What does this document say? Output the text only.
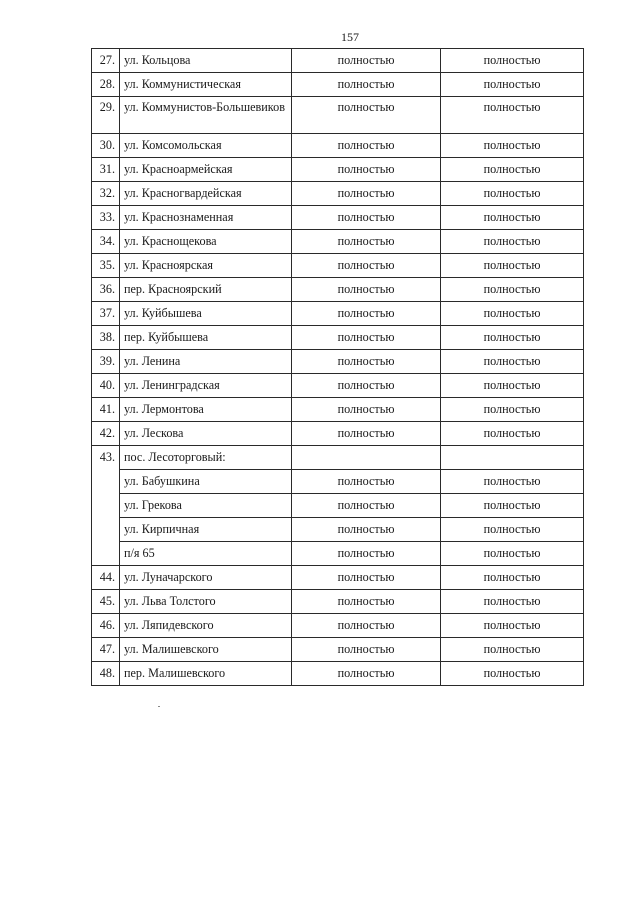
157
27.	ул. Кольцова	полностью	полностью
28.	ул. Коммунистическая	полностью	полностью
29.	ул. Коммунистов-Большевиков	полностью	полностью
30.	ул. Комсомольская	полностью	полностью
31.	ул. Красноармейская	полностью	полностью
32.	ул. Красногвардейская	полностью	полностью
33.	ул. Краснознаменная	полностью	полностью
34.	ул. Краснощекова	полностью	полностью
35.	ул. Красноярская	полностью	полностью
36.	пер. Красноярский	полностью	полностью
37.	ул. Куйбышева	полностью	полностью
38.	пер. Куйбышева	полностью	полностью
39.	ул. Ленина	полностью	полностью
40.	ул. Ленинградская	полностью	полностью
41.	ул. Лермонтова	полностью	полностью
42.	ул. Лескова	полностью	полностью
43.	пос. Лесоторговый:		
	ул. Бабушкина	полностью	полностью
	ул. Грекова	полностью	полностью
	ул. Кирпичная	полностью	полностью
	п/я 65	полностью	полностью
44.	ул. Луначарского	полностью	полностью
45.	ул. Льва Толстого	полностью	полностью
46.	ул. Ляпидевского	полностью	полностью
47.	ул. Малишевского	полностью	полностью
48.	пер. Малишевского	полностью	полностью
